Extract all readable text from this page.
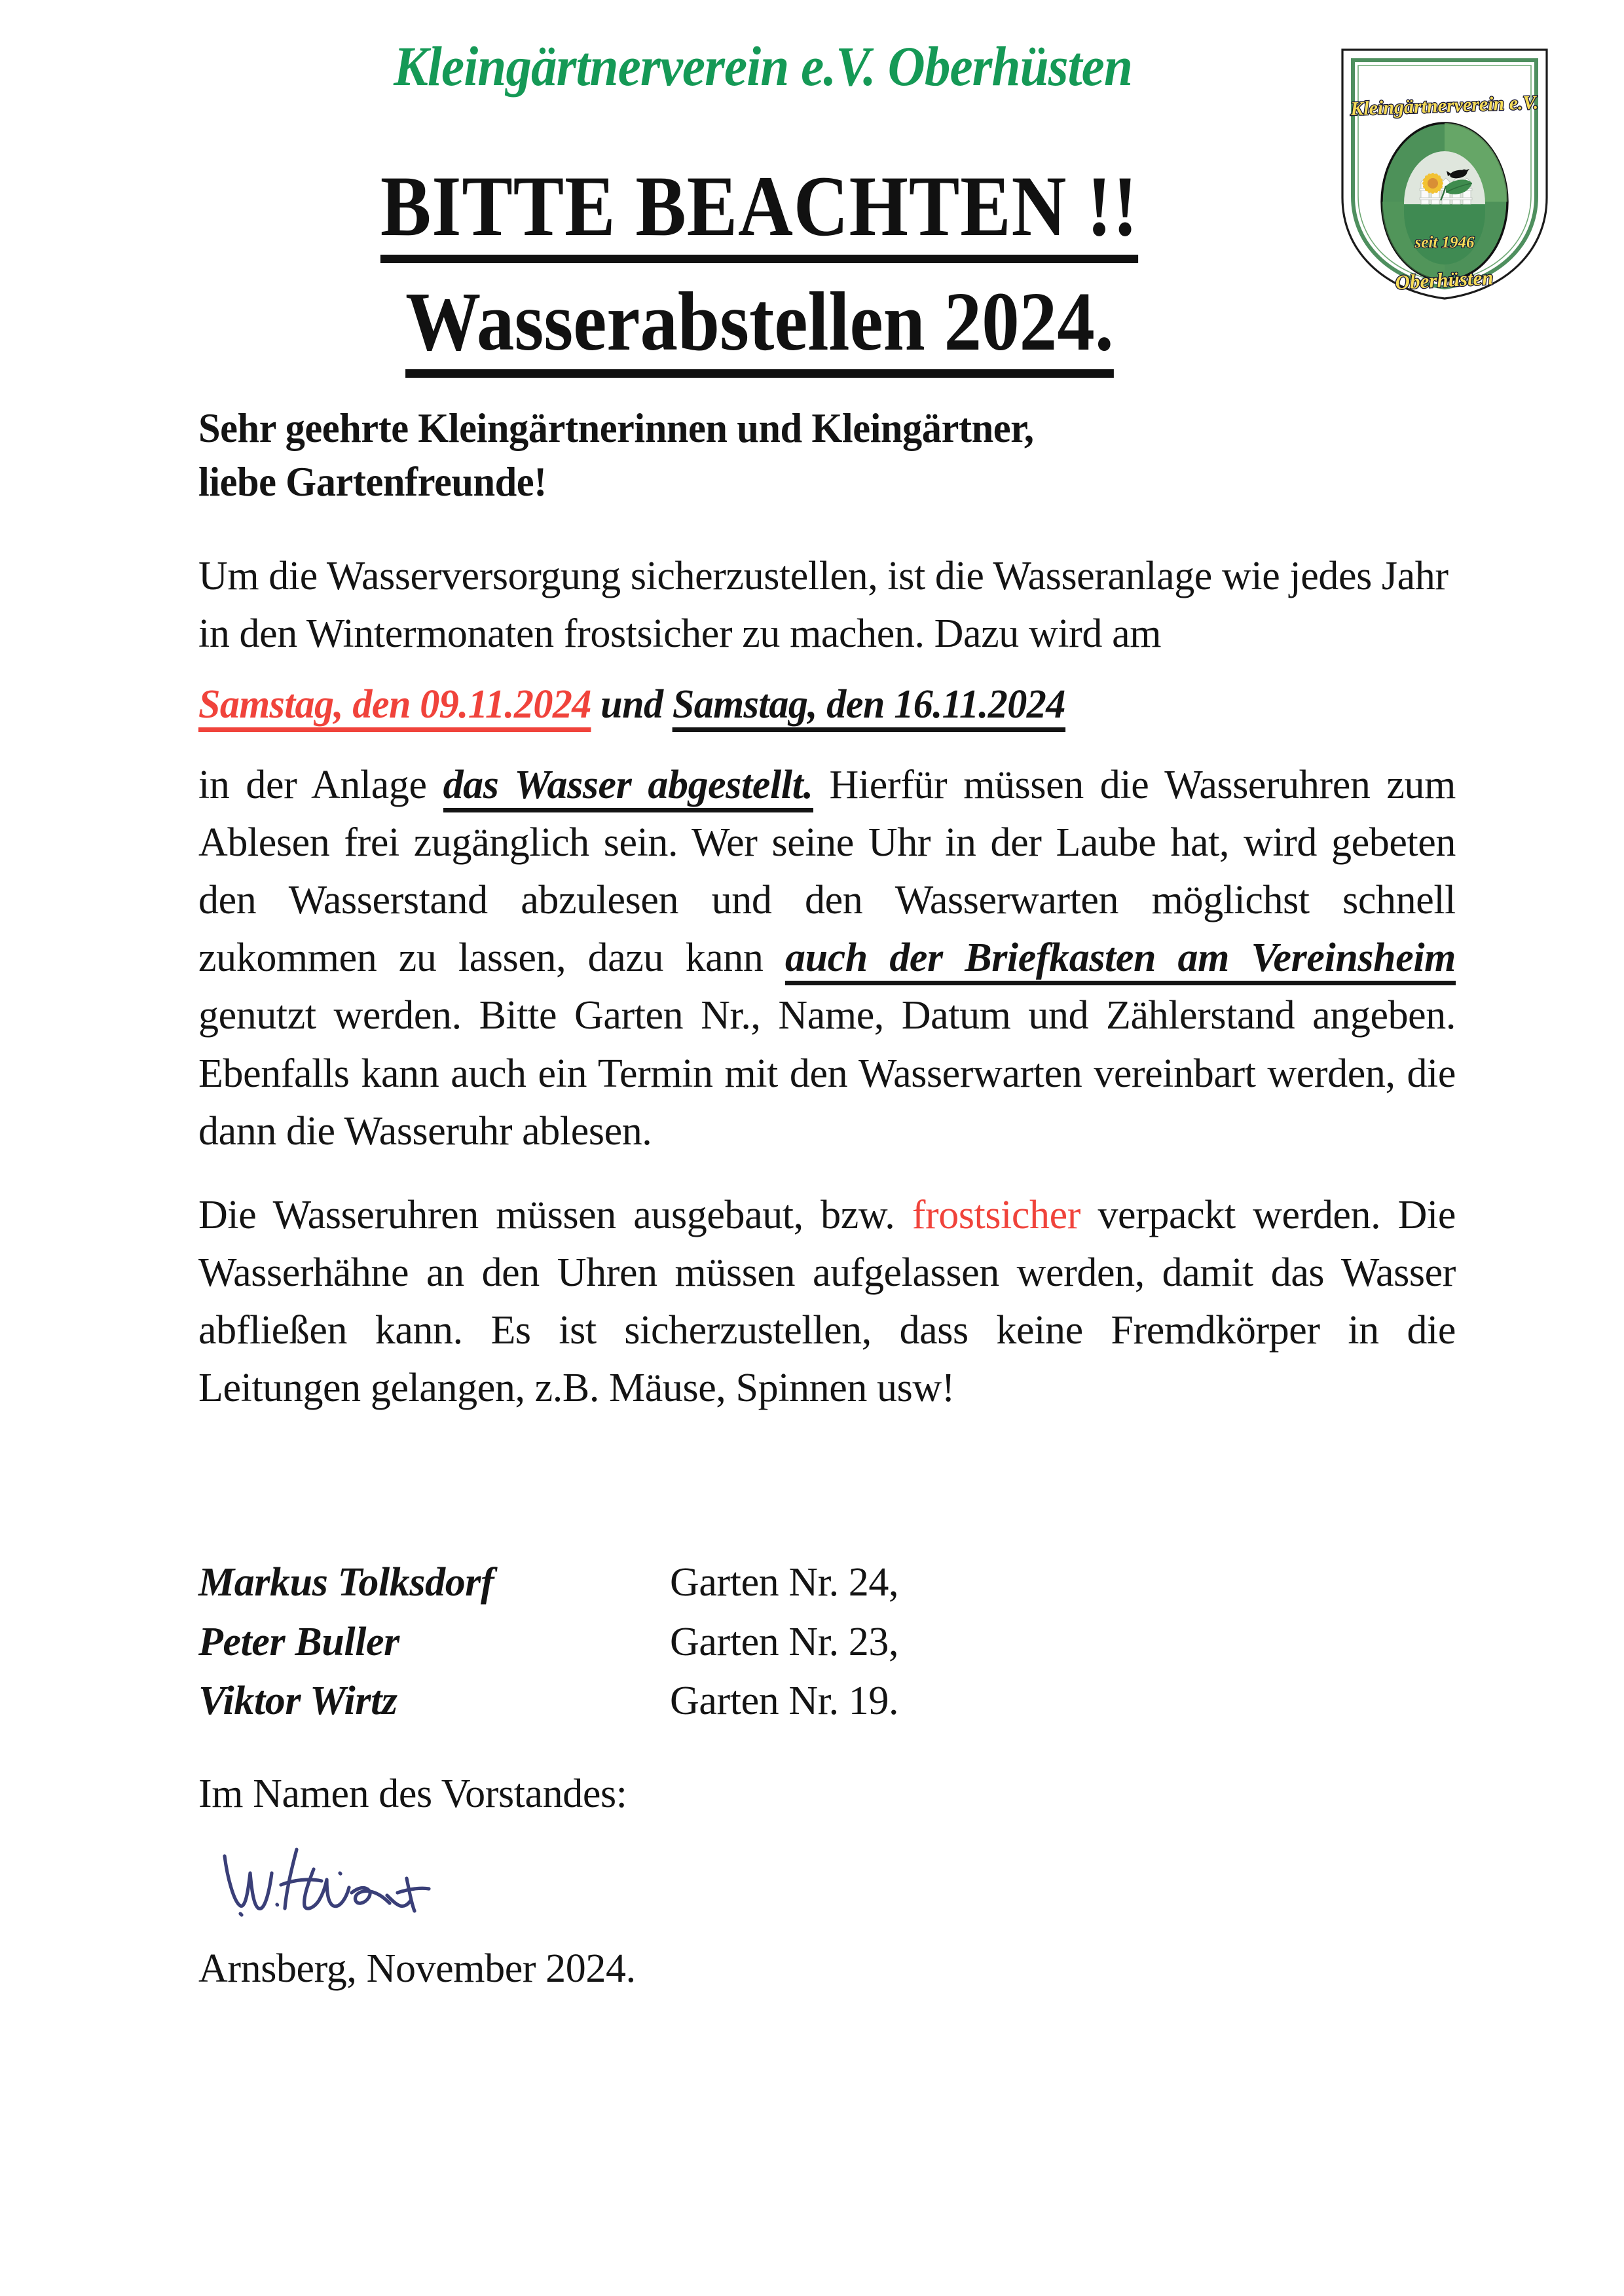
Kleingärtnerverein e.V. Oberhüsten
Kleingärtnerverein e.V.
seit 1946
Oberhüsten
BITTE BEACHTEN !! Wasserabstellen 2024.
Sehr geehrte Kleingärtnerinnen und Kleingärtner,
liebe Gartenfreunde!

Um die Wasserversorgung sicherzustellen, ist die Wasseranlage wie jedes Jahr in den Wintermonaten frostsicher zu machen. Dazu wird am

Samstag, den 09.11.2024 und Samstag, den 16.11.2024

in der Anlage das Wasser abgestellt. Hierfür müssen die Wasseruhren zum Ablesen frei zugänglich sein. Wer seine Uhr in der Laube hat, wird gebeten den Wasserstand abzulesen und den Wasserwarten möglichst schnell zukommen zu lassen, dazu kann auch der Briefkasten am Vereinsheim genutzt werden. Bitte Garten Nr., Name, Datum und Zählerstand angeben. Ebenfalls kann auch ein Termin mit den Wasserwarten vereinbart werden, die dann die Wasseruhr ablesen.

Die Wasseruhren müssen ausgebaut, bzw. frostsicher verpackt werden. Die Wasserhähne an den Uhren müssen aufgelassen werden, damit das Wasser abfließen kann. Es ist sicherzustellen, dass keine Fremdkörper in die Leitungen gelangen, z.B. Mäuse, Spinnen usw!

Markus Tolksdorf	Garten Nr. 24,
Peter Buller	Garten Nr. 23,
Viktor Wirtz	Garten Nr. 19.
Im Namen des Vorstandes:
Arnsberg, November 2024.
